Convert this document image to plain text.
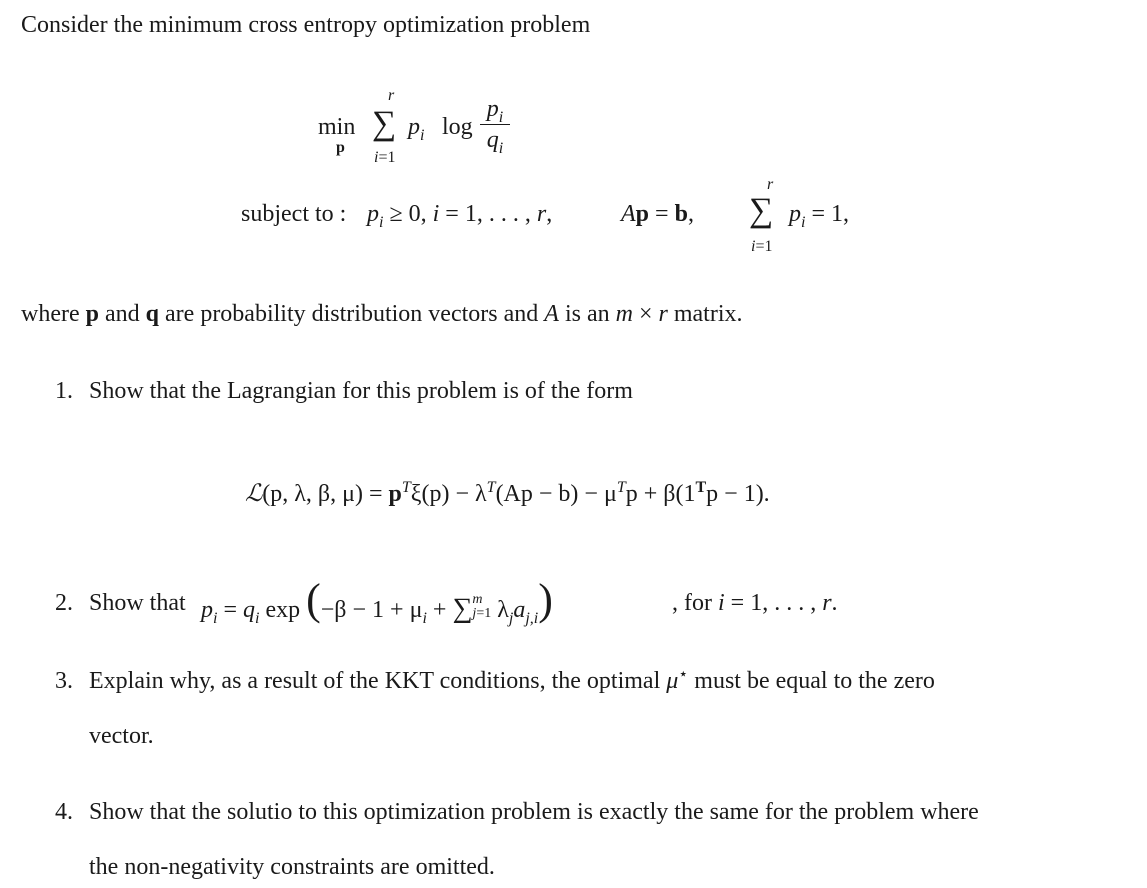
Consider the minimum cross entropy optimization problem
min
p
r
∑
i=1
$p_i$ log
$p_i$
$q_i$
subject to : $p_i \ge 0$, i = 1, . . . , r,	Ap = b,
r
∑
i=1
$p_i = 1$,
where p and q are probability distribution vectors and A is an m × r matrix.
1. Show that the Lagrangian for this problem is of the form
ℒ(p, λ, β, $\mu) = p^T\xi(p) - \lambda^T(Ap - b) - \mu^Tp + \beta(1^Tp - 1)$.
2. Show that $p_i = q_i$ $\exp (-\beta - 1 + \mu_i$ + ∑ m
j=1 $\lambda_ja_{j,i}$)	, for i = 1, . . . , r.
3. Explain why, as a result of the KKT conditions, the optimal μ⋆ must be equal to the zero
vector.
4. Show that the solutio to this optimization problem is exactly the same for the problem where
the non-negativity constraints are omitted.
